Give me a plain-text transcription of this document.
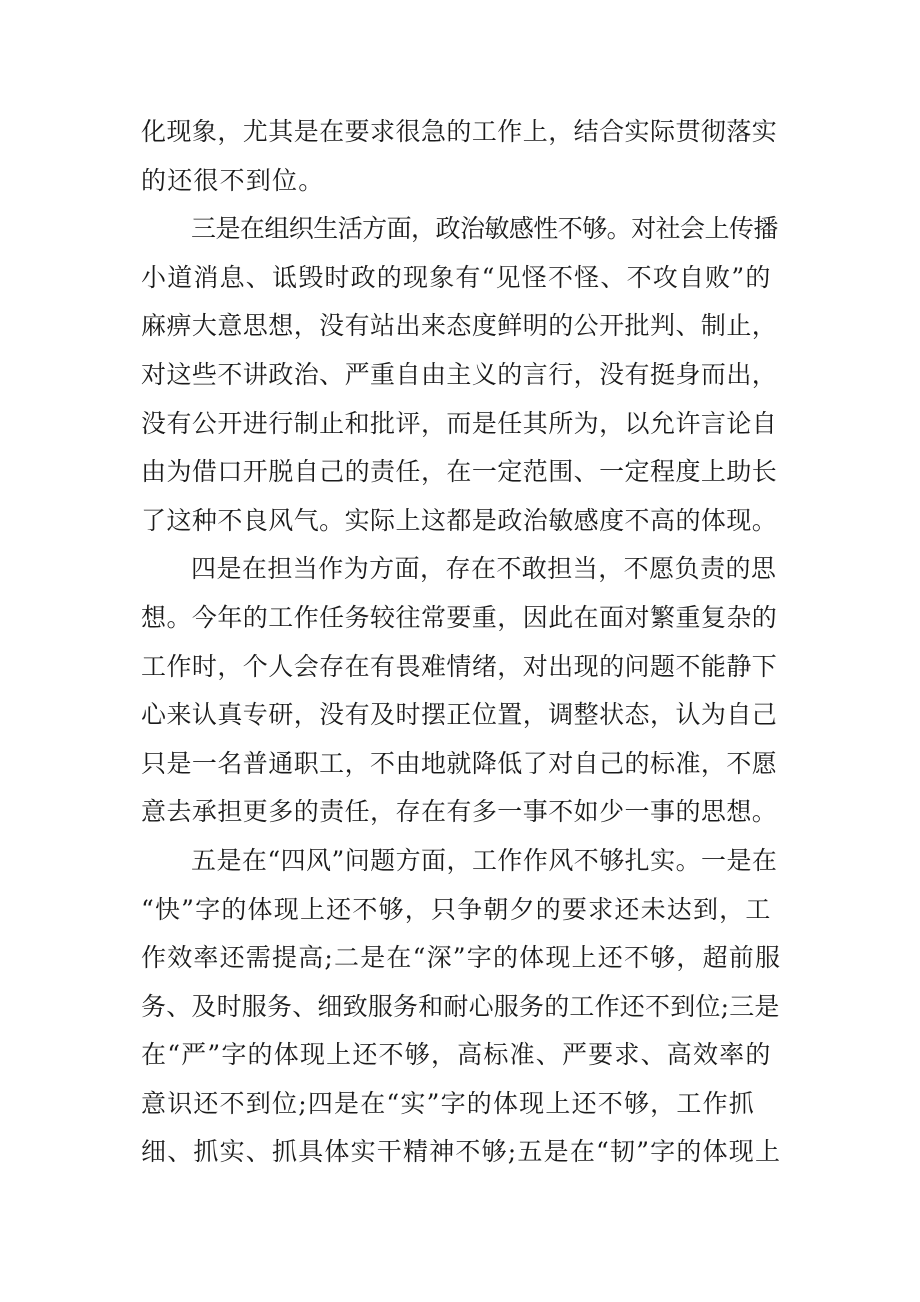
化现象，尤其是在要求很急的工作上，结合实际贯彻落实
的还很不到位。
三是在组织生活方面，政治敏感性不够。对社会上传播
小道消息、诋毁时政的现象有“见怪不怪、不攻自败”的
麻痹大意思想，没有站出来态度鲜明的公开批判、制止，
对这些不讲政治、严重自由主义的言行，没有挺身而出，
没有公开进行制止和批评，而是任其所为，以允许言论自
由为借口开脱自己的责任，在一定范围、一定程度上助长
了这种不良风气。实际上这都是政治敏感度不高的体现。
四是在担当作为方面，存在不敢担当，不愿负责的思
想。今年的工作任务较往常要重，因此在面对繁重复杂的
工作时，个人会存在有畏难情绪，对出现的问题不能静下
心来认真专研，没有及时摆正位置，调整状态，认为自己
只是一名普通职工，不由地就降低了对自己的标准，不愿
意去承担更多的责任，存在有多一事不如少一事的思想。
五是在“四风”问题方面，工作作风不够扎实。一是在
“快”字的体现上还不够，只争朝夕的要求还未达到，工
作效率还需提高;二是在“深”字的体现上还不够，超前服
务、及时服务、细致服务和耐心服务的工作还不到位;三是
在“严”字的体现上还不够，高标准、严要求、高效率的
意识还不到位;四是在“实”字的体现上还不够，工作抓
细、抓实、抓具体实干精神不够;五是在“韧”字的体现上
